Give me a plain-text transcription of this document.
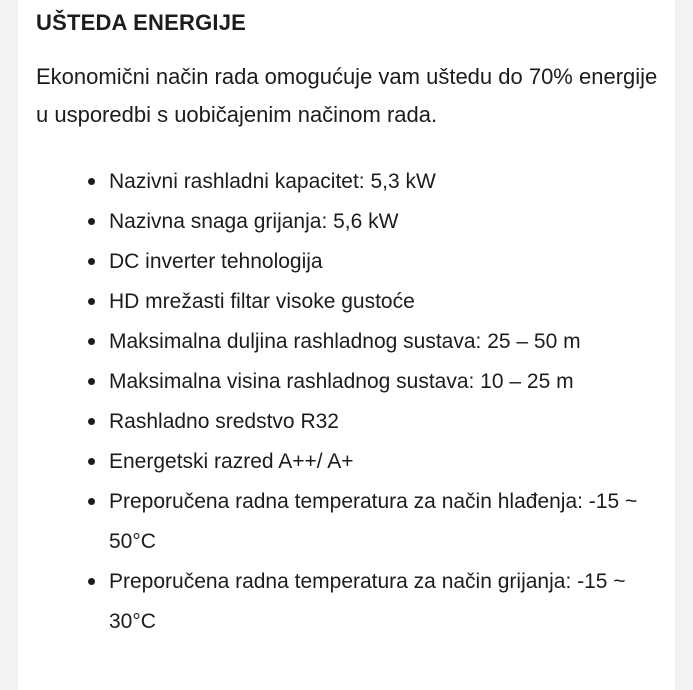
UŠTEDA ENERGIJE

Ekonomični način rada omogućuje vam uštedu do 70% energije u usporedbi s uobičajenim načinom rada.

Nazivni rashladni kapacitet: 5,3 kW
Nazivna snaga grijanja: 5,6 kW
DC inverter tehnologija
HD mrežasti filtar visoke gustoće
Maksimalna duljina rashladnog sustava: 25 – 50 m
Maksimalna visina rashladnog sustava: 10 – 25 m
Rashladno sredstvo R32
Energetski razred A++/ A+
Preporučena radna temperatura za način hlađenja: -15 ~ 50°C
Preporučena radna temperatura za način grijanja: -15 ~ 30°C
